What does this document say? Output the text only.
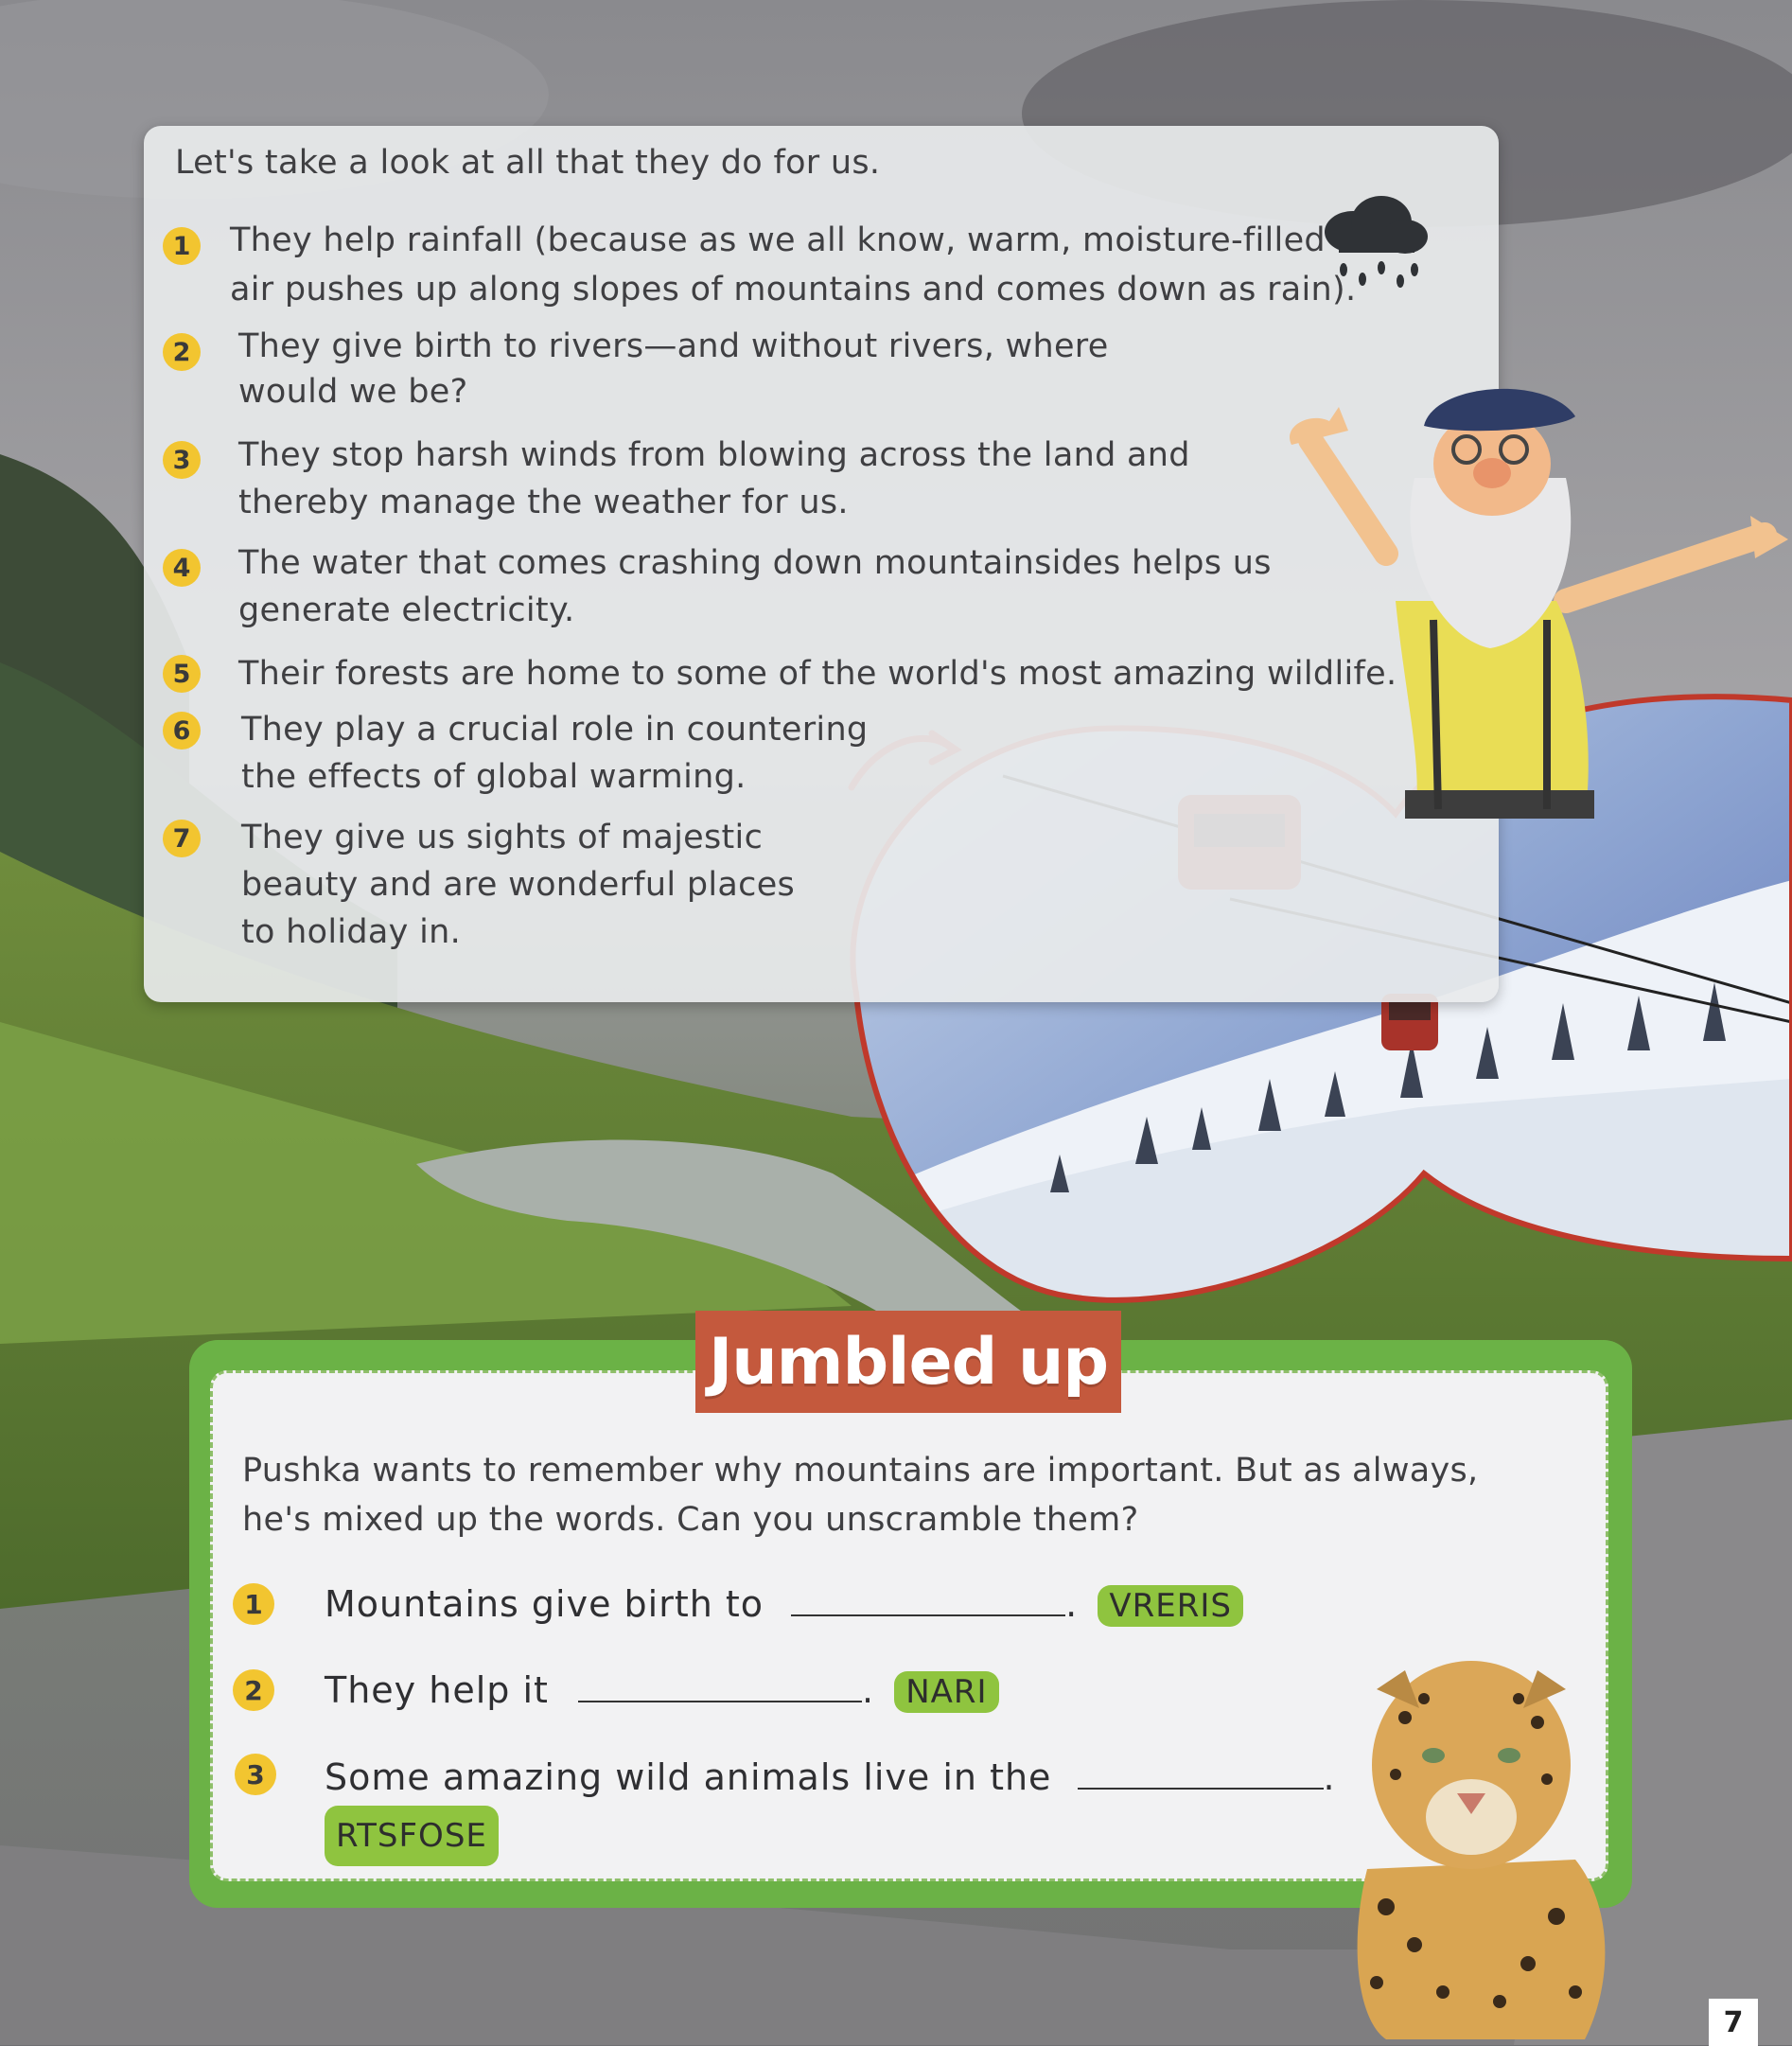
Let's take a look at all that they do for us.
1	They help rainfall (because as we all know, warm, moisture-filled
air pushes up along slopes of mountains and comes down as rain).
2	They give birth to rivers—and without rivers, where
would we be?
3	They stop harsh winds from blowing across the land and
thereby manage the weather for us.
4	The water that comes crashing down mountainsides helps us
generate electricity.
5	Their forests are home to some of the world's most amazing wildlife.
6	They play a crucial role in countering
the effects of global warming.
7	They give us sights of majestic
beauty and are wonderful places
to holiday in.
Jumbled up
Pushka wants to remember why mountains are important. But as always,
he's mixed up the words. Can you unscramble them?
1	Mountains give birth to	. VRERIS
2	They help it	. NARI
3	Some amazing wild animals live in the	.
RTSFOSE
7
